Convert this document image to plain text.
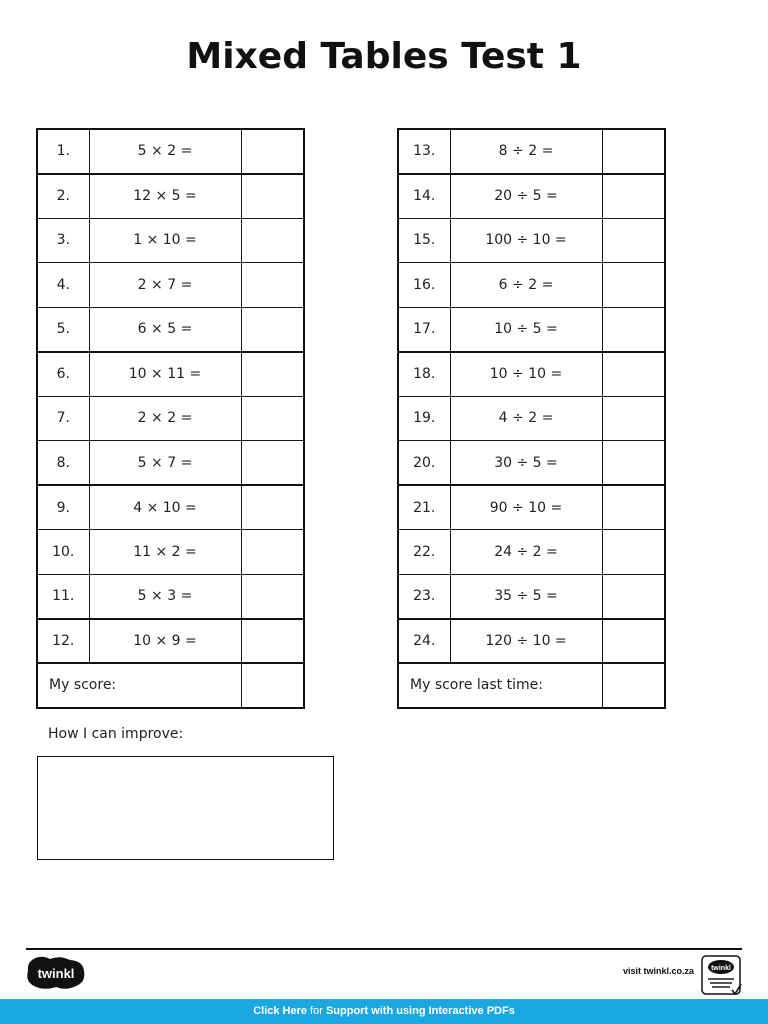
Mixed Tables Test 1
1.	5 × 2 =	
2.	12 × 5 =	
3.	1 × 10 =	
4.	2 × 7 =	
5.	6 × 5 =	
6.	10 × 11 =	
7.	2 × 2 =	
8.	5 × 7 =	
9.	4 × 10 =	
10.	11 × 2 =	
11.	5 × 3 =	
12.	10 × 9 =	
My score:		
13.	8 ÷ 2 =	
14.	20 ÷ 5 =	
15.	100 ÷ 10 =	
16.	6 ÷ 2 =	
17.	10 ÷ 5 =	
18.	10 ÷ 10 =	
19.	4 ÷ 2 =	
20.	30 ÷ 5 =	
21.	90 ÷ 10 =	
22.	24 ÷ 2 =	
23.	35 ÷ 5 =	
24.	120 ÷ 10 =	
My score last time:		
How I can improve:
twinkl	visit twinkl.co.za twinkl
Click Here for Support with using Interactive PDFs
